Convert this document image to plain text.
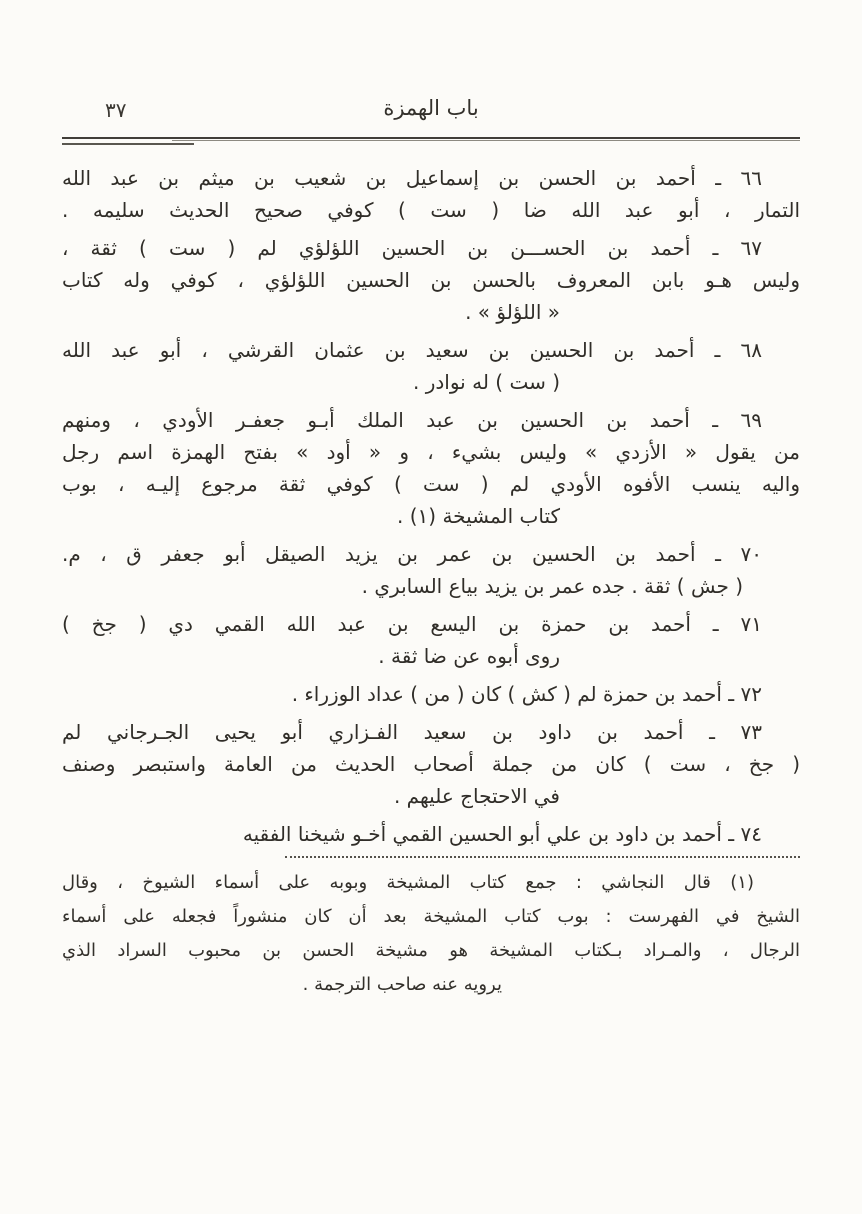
٣٧	باب الهمزة
٦٦ ـ أحمد بن الحسن بن إسماعيل بن شعيب بن ميثم بن عبد الله
التمار ، أبو عبد الله ضا ( ست ) كوفي صحيح الحديث سليمه .
٦٧ ـ أحمد بن الحســـن بن الحسين اللؤلؤي لم ( ست ) ثقة ،
وليس هـو بابن المعروف بالحسن بن الحسين اللؤلؤي ، كوفي وله كتاب
« اللؤلؤ » .
٦٨ ـ أحمد بن الحسين بن سعيد بن عثمان القرشي ، أبو عبد الله
( ست ) له نوادر .
٦٩ ـ أحمد بن الحسين بن عبد الملك أبـو جعفـر الأودي ، ومنهم
من يقول « الأزدي » وليس بشيء ، و « أود » بفتح الهمزة اسم رجل
واليه ينسب الأفوه الأودي لم ( ست ) كوفي ثقة مرجوع إليـه ، بوب
كتاب المشيخة (١) .
٧٠ ـ أحمد بن الحسين بن عمر بن يزيد الصيقل أبو جعفر ق ، م.
( جش ) ثقة . جده عمر بن يزيد بياع السابري .
٧١ ـ أحمد بن حمزة بن اليسع بن عبد الله القمي دي ( جخ )
روى أبوه عن ضا ثقة .
٧٢ ـ أحمد بن حمزة لم ( كش ) كان ( من ) عداد الوزراء .
٧٣ ـ أحمد بن داود بن سعيد الفـزاري أبو يحيى الجـرجاني لم
( جخ ، ست ) كان من جملة أصحاب الحديث من العامة واستبصر وصنف
في الاحتجاج عليهم .
٧٤ ـ أحمد بن داود بن علي أبو الحسين القمي أخـو شيخنا الفقيه
(١) قال النجاشي : جمع كتاب المشيخة وبوبه على أسماء الشيوخ ، وقال
الشيخ في الفهرست : بوب كتاب المشيخة بعد أن كان منشوراً فجعله على أسماء
الرجال ، والمـراد بـكتاب المشيخة هو مشيخة الحسن بن محبوب السراد الذي
يرويه عنه صاحب الترجمة .
